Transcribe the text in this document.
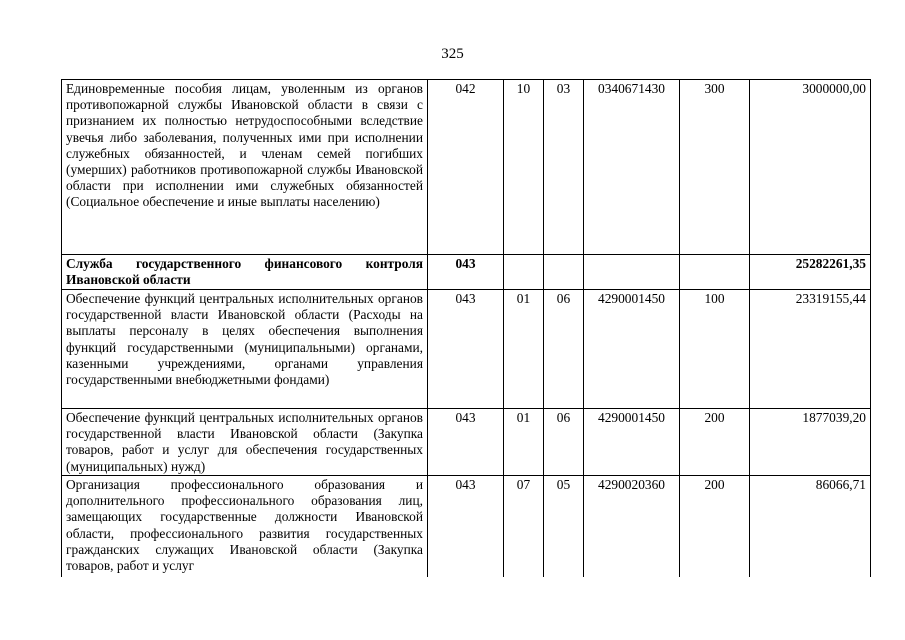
325
Единовременные пособия лицам, уволенным из органов противопожарной службы Ивановской области в связи с признанием их полностью нетрудоспособными вследствие увечья либо заболевания, полученных ими при исполнении служебных обязанностей, и членам семей погибших (умерших) работников противопожарной службы Ивановской области при исполнении ими служебных обязанностей (Социальное обеспечение и иные выплаты населению)	042	10	03	0340671430	300	3000000,00
Служба государственного финансового контроля Ивановской области	043					25282261,35
Обеспечение функций центральных исполнительных органов государственной власти Ивановской области (Расходы на выплаты персоналу в целях обеспечения выполнения функций государственными (муниципальными) органами, казенными учреждениями, органами управления государственными внебюджетными фондами)	043	01	06	4290001450	100	23319155,44
Обеспечение функций центральных исполнительных органов государственной власти Ивановской области (Закупка товаров, работ и услуг для обеспечения государственных (муниципальных) нужд)	043	01	06	4290001450	200	1877039,20
Организация профессионального образования и дополнительного профессионального образования лиц, замещающих государственные должности Ивановской области, профессионального развития государственных гражданских служащих Ивановской области (Закупка товаров, работ и услуг	043	07	05	4290020360	200	86066,71
